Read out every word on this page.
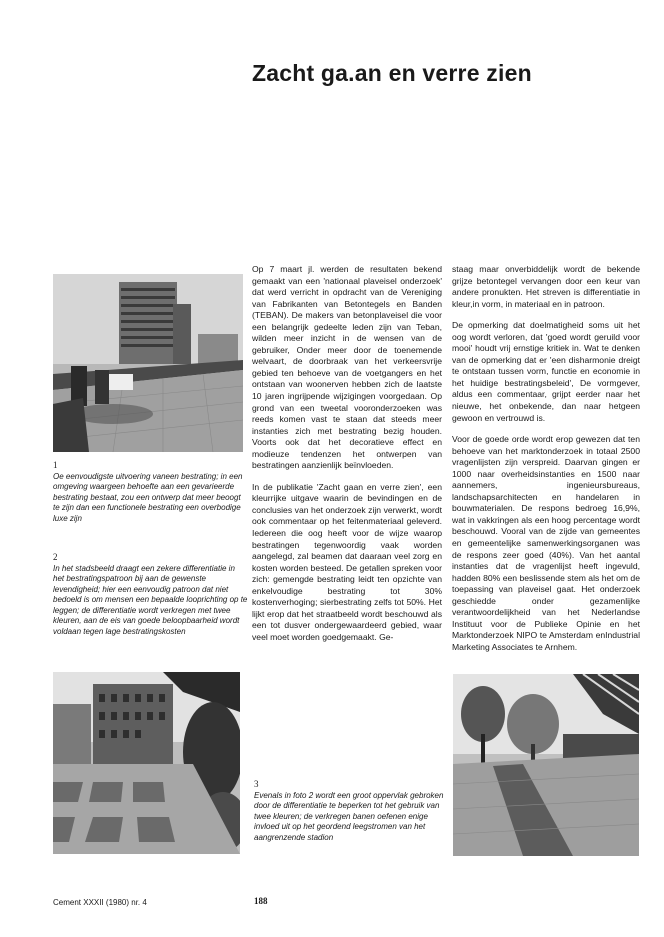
Zacht ga.an en verre zien

Op 7 maart jl. werden de resultaten bekend gemaakt van een 'nationaal plaveisel onderzoek' dat werd verricht in opdracht van de Vereniging van Fabrikanten van Betontegels en Banden (TEBAN). De makers van betonplaveisel die voor een belangrijk gedeelte leden zijn van Teban, wilden meer inzicht in de wensen van de gebruiker, Onder meer door de toenemende welvaart, de doorbraak van het verkeersvrije gebied ten behoeve van de voetgangers en het ontstaan van woonerven hebben zich de laatste 10 jaren ingrijpende wijzigingen voorgedaan. Op grond van een tweetal vooronderzoeken was reeds komen vast te staan dat steeds meer instanties zich met bestrating bezig houden. Voorts ook dat het decoratieve effect en modieuze tendenzen het ontwerpen van bestratingen aanzienlijk beïnvloeden.

In de publikatie 'Zacht gaan en verre zien', een kleurrijke uitgave waarin de bevindingen en de conclusies van het onderzoek zijn verwerkt, wordt ook commentaar op het feitenmateriaal geleverd. Iedereen die oog heeft voor de wijze waarop bestratingen tegenwoordig vaak worden aangelegd, zal beamen dat daaraan veel zorg en kosten worden besteed. De getallen spreken voor zich: gemengde bestrating leidt ten opzichte van enkelvoudige bestrating tot 30% kostenverhoging; sierbestrating zelfs tot 50%. Het lijkt erop dat het straatbeeld wordt beschouwd als een tot dusver ondergewaardeerd gebied, waar veel moet worden goedgemaakt. Ge-

staag maar onverbiddelijk wordt de bekende grijze betontegel vervangen door een keur van andere pronukten. Het streven is differentiatie in kleur,in vorm, in materiaal en in patroon.

De opmerking dat doelmatigheid soms uit het oog wordt verloren, dat 'goed wordt geruild voor mooi' houdt vrij ernstige kritiek in. Wat te denken van de opmerking dat er 'een disharmonie dreigt te ontstaan tussen vorm, functie en economie in het huidige bestratingsbeleid', De vormgever, aldus een commentaar, grijpt eerder naar het nieuwe, het onbekende, dan naar hetgeen gewoon en vertrouwd is.

Voor de goede orde wordt erop gewezen dat ten behoeve van het marktonderzoek in totaal 2500 vragenlijsten zijn verspreid. Daarvan gingen er 1000 naar overheidsinstanties en 1500 naar aannemers, ingenieursbureaus, landschapsarchitecten en handelaren in bouwmaterialen. De respons bedroeg 16,9%, wat in vakkringen als een hoog percentage wordt beschouwd. Vooral van de zijde van gemeentes en gemeentelijke samenwerkingsorganen was de respons zeer goed (40%). Van het aantal instanties dat de vragenlijst heeft ingevuld, hadden 80% een beslissende stem als het om de toepassing van plaveisel gaat. Het onderzoek geschiedde onder gezamenlijke verantwoordelijkheid van het Nederlandse Instituut voor de Publieke Opinie en het Marktonderzoek NIPO te Amsterdam enIndustrial Marketing Associates te Arnhem.

1
Oe eenvoudigste uitvoering vaneen bestrating; in een omgeving waargeen behoefte aan een gevarieerde bestrating bestaat, zou een ontwerp dat meer beoogt te zijn dan een functionele bestrating een overbodige luxe zijn
2
In het stadsbeeld draagt een zekere differentiatie in het bestratingspatroon bij aan de gewenste levendigheid; hier een eenvoudig patroon dat niet bedoeld is om mensen een bepaalde looprichting op te leggen; de differentiatie wordt verkregen met twee kleuren, aan de eis van goede beloopbaarheid wordt voldaan tegen lage bestratingskosten
3
Evenals in foto 2 wordt een groot oppervlak gebroken door de differentiatie te beperken tot het gebruik van twee kleuren; de verkregen banen oefenen enige invloed uit op het geordend leegstromen van het aangrenzende stadion
Cement XXXII (1980) nr. 4	188
